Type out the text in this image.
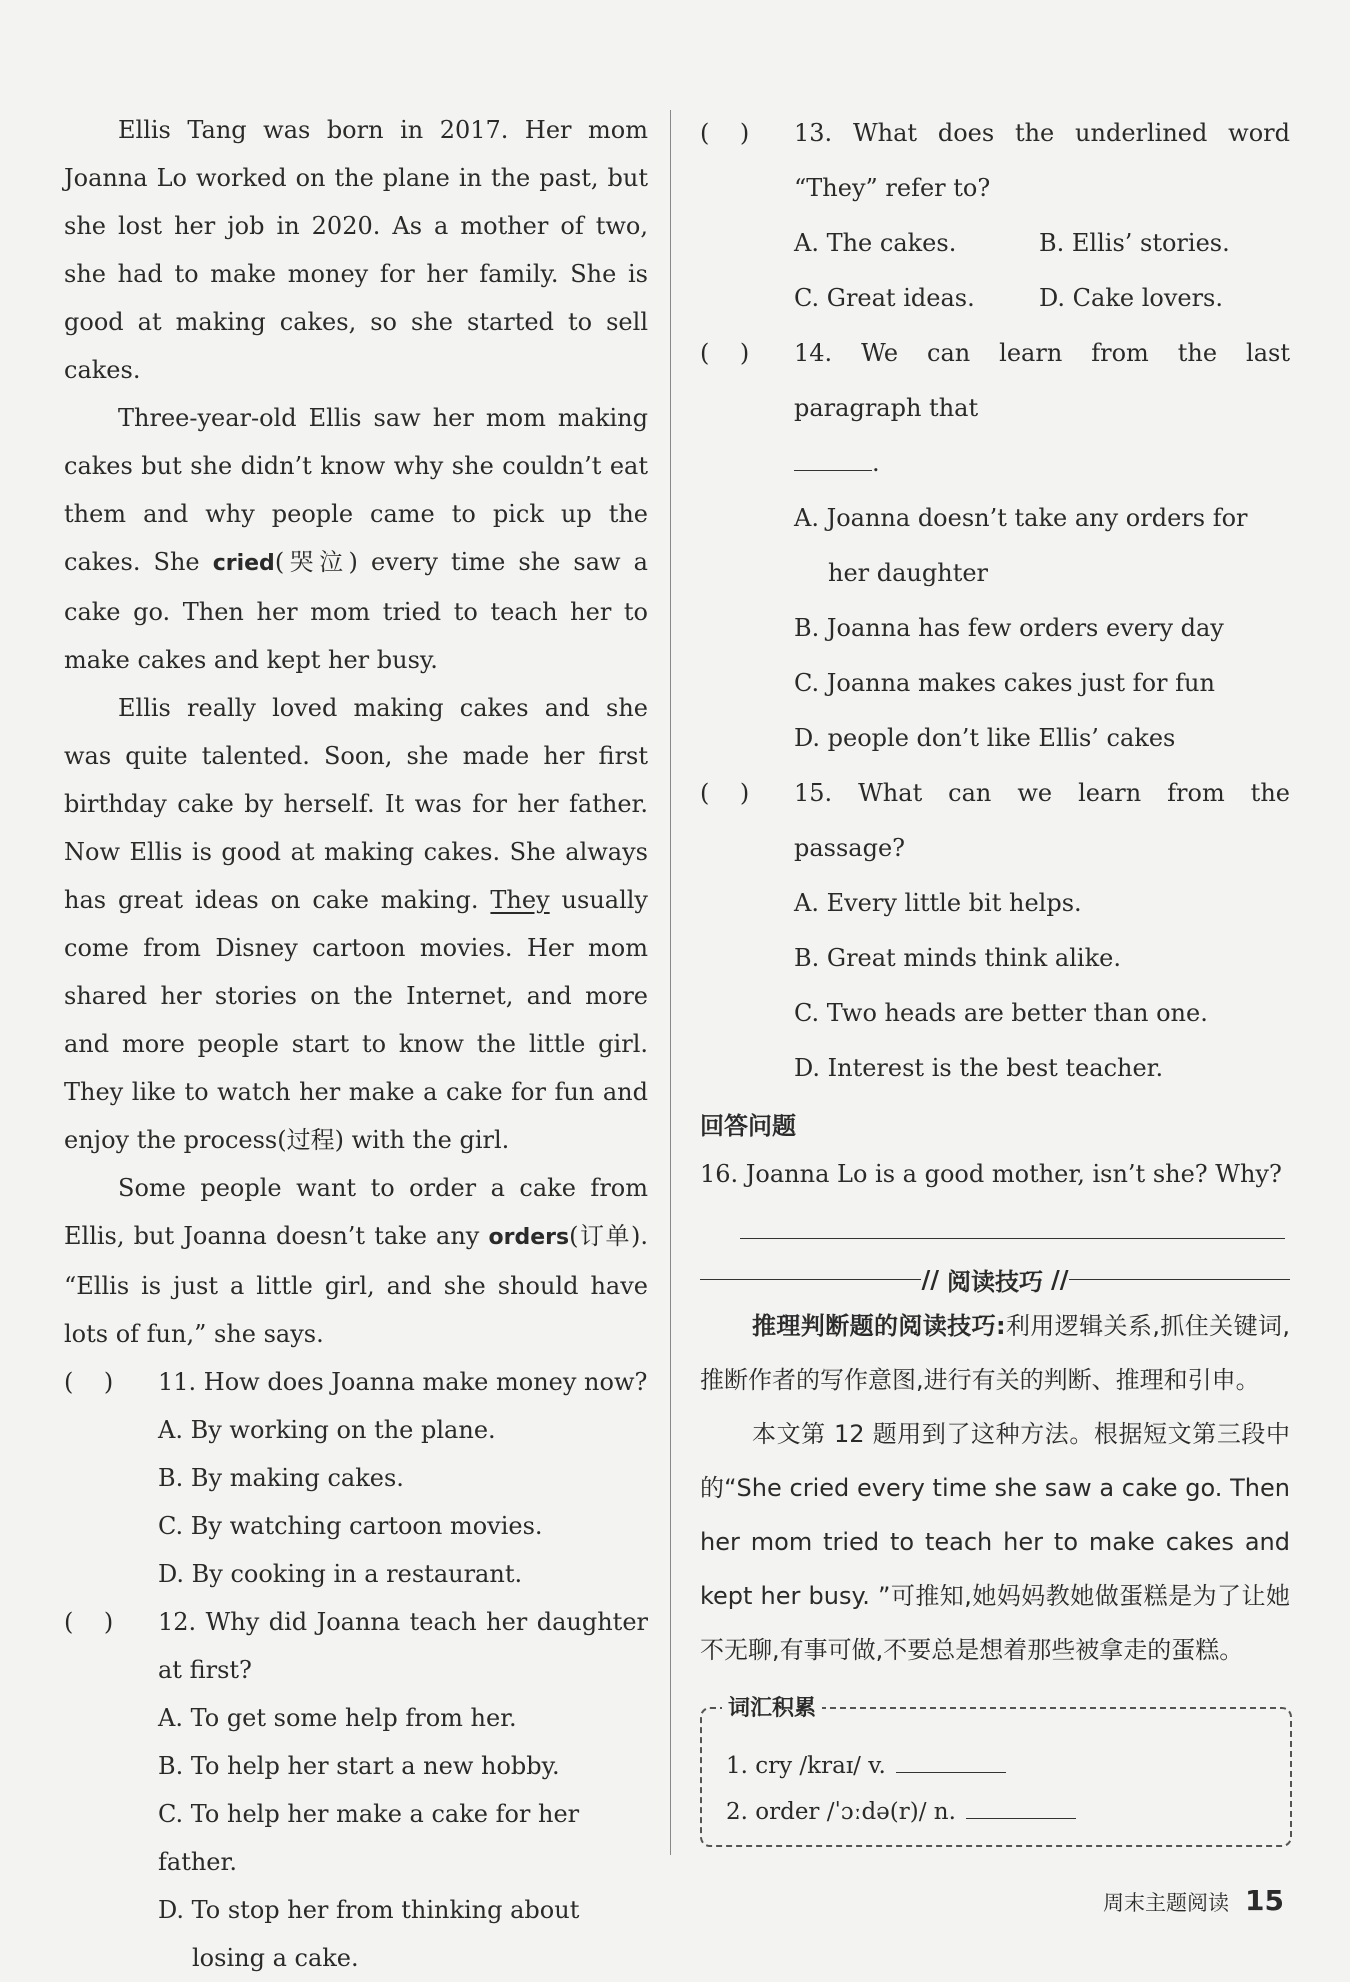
Ellis Tang was born in 2017. Her mom Joanna Lo worked on the plane in the past, but she lost her job in 2020. As a mother of two, she had to make money for her family. She is good at making cakes, so she started to sell cakes.

Three-year-old Ellis saw her mom making cakes but she didn’t know why she couldn’t eat them and why people came to pick up the cakes. She cried(哭泣) every time she saw a cake go. Then her mom tried to teach her to make cakes and kept her busy.

Ellis really loved making cakes and she was quite talented. Soon, she made her first birthday cake by herself. It was for her father. Now Ellis is good at making cakes. She always has great ideas on cake making. They usually come from Disney cartoon movies. Her mom shared her stories on the Internet, and more and more people start to know the little girl. They like to watch her make a cake for fun and enjoy the process(过程) with the girl.

Some people want to order a cake from Ellis, but Joanna doesn’t take any orders(订单). “Ellis is just a little girl, and she should have lots of fun,” she says.

(    )	11. How does Joanna make money now?
A. By working on the plane.
B. By making cakes.
C. By watching cartoon movies.
D. By cooking in a restaurant.
(    )	12. Why did Joanna teach her daughter at first?
A. To get some help from her.
B. To help her start a new hobby.
C. To help her make a cake for her father.
D. To stop her from thinking about losing a cake.
(    )	13. What does the underlined word “They” refer to?
A. The cakes.	B. Ellis’ stories.
C. Great ideas.	D. Cake lovers.
(    )	14. We can learn from the last paragraph that
.
A. Joanna doesn’t take any orders for her daughter
B. Joanna has few orders every day
C. Joanna makes cakes just for fun
D. people don’t like Ellis’ cakes
(    )	15. What can we learn from the passage?
A. Every little bit helps.
B. Great minds think alike.
C. Two heads are better than one.
D. Interest is the best teacher.
回答问题
16. Joanna Lo is a good mother, isn’t she? Why?
// 阅读技巧 //

推理判断题的阅读技巧:利用逻辑关系,抓住关键词,推断作者的写作意图,进行有关的判断、推理和引申。

本文第 12 题用到了这种方法。根据短文第三段中的“She cried every time she saw a cake go. Then her mom tried to teach her to make cakes and kept her busy. ”可推知,她妈妈教她做蛋糕是为了让她不无聊,有事可做,不要总是想着那些被拿走的蛋糕。

词汇积累
1. cry /kraɪ/ v.
2. order /ˈɔːdə(r)/ n.
周末主题阅读 15
